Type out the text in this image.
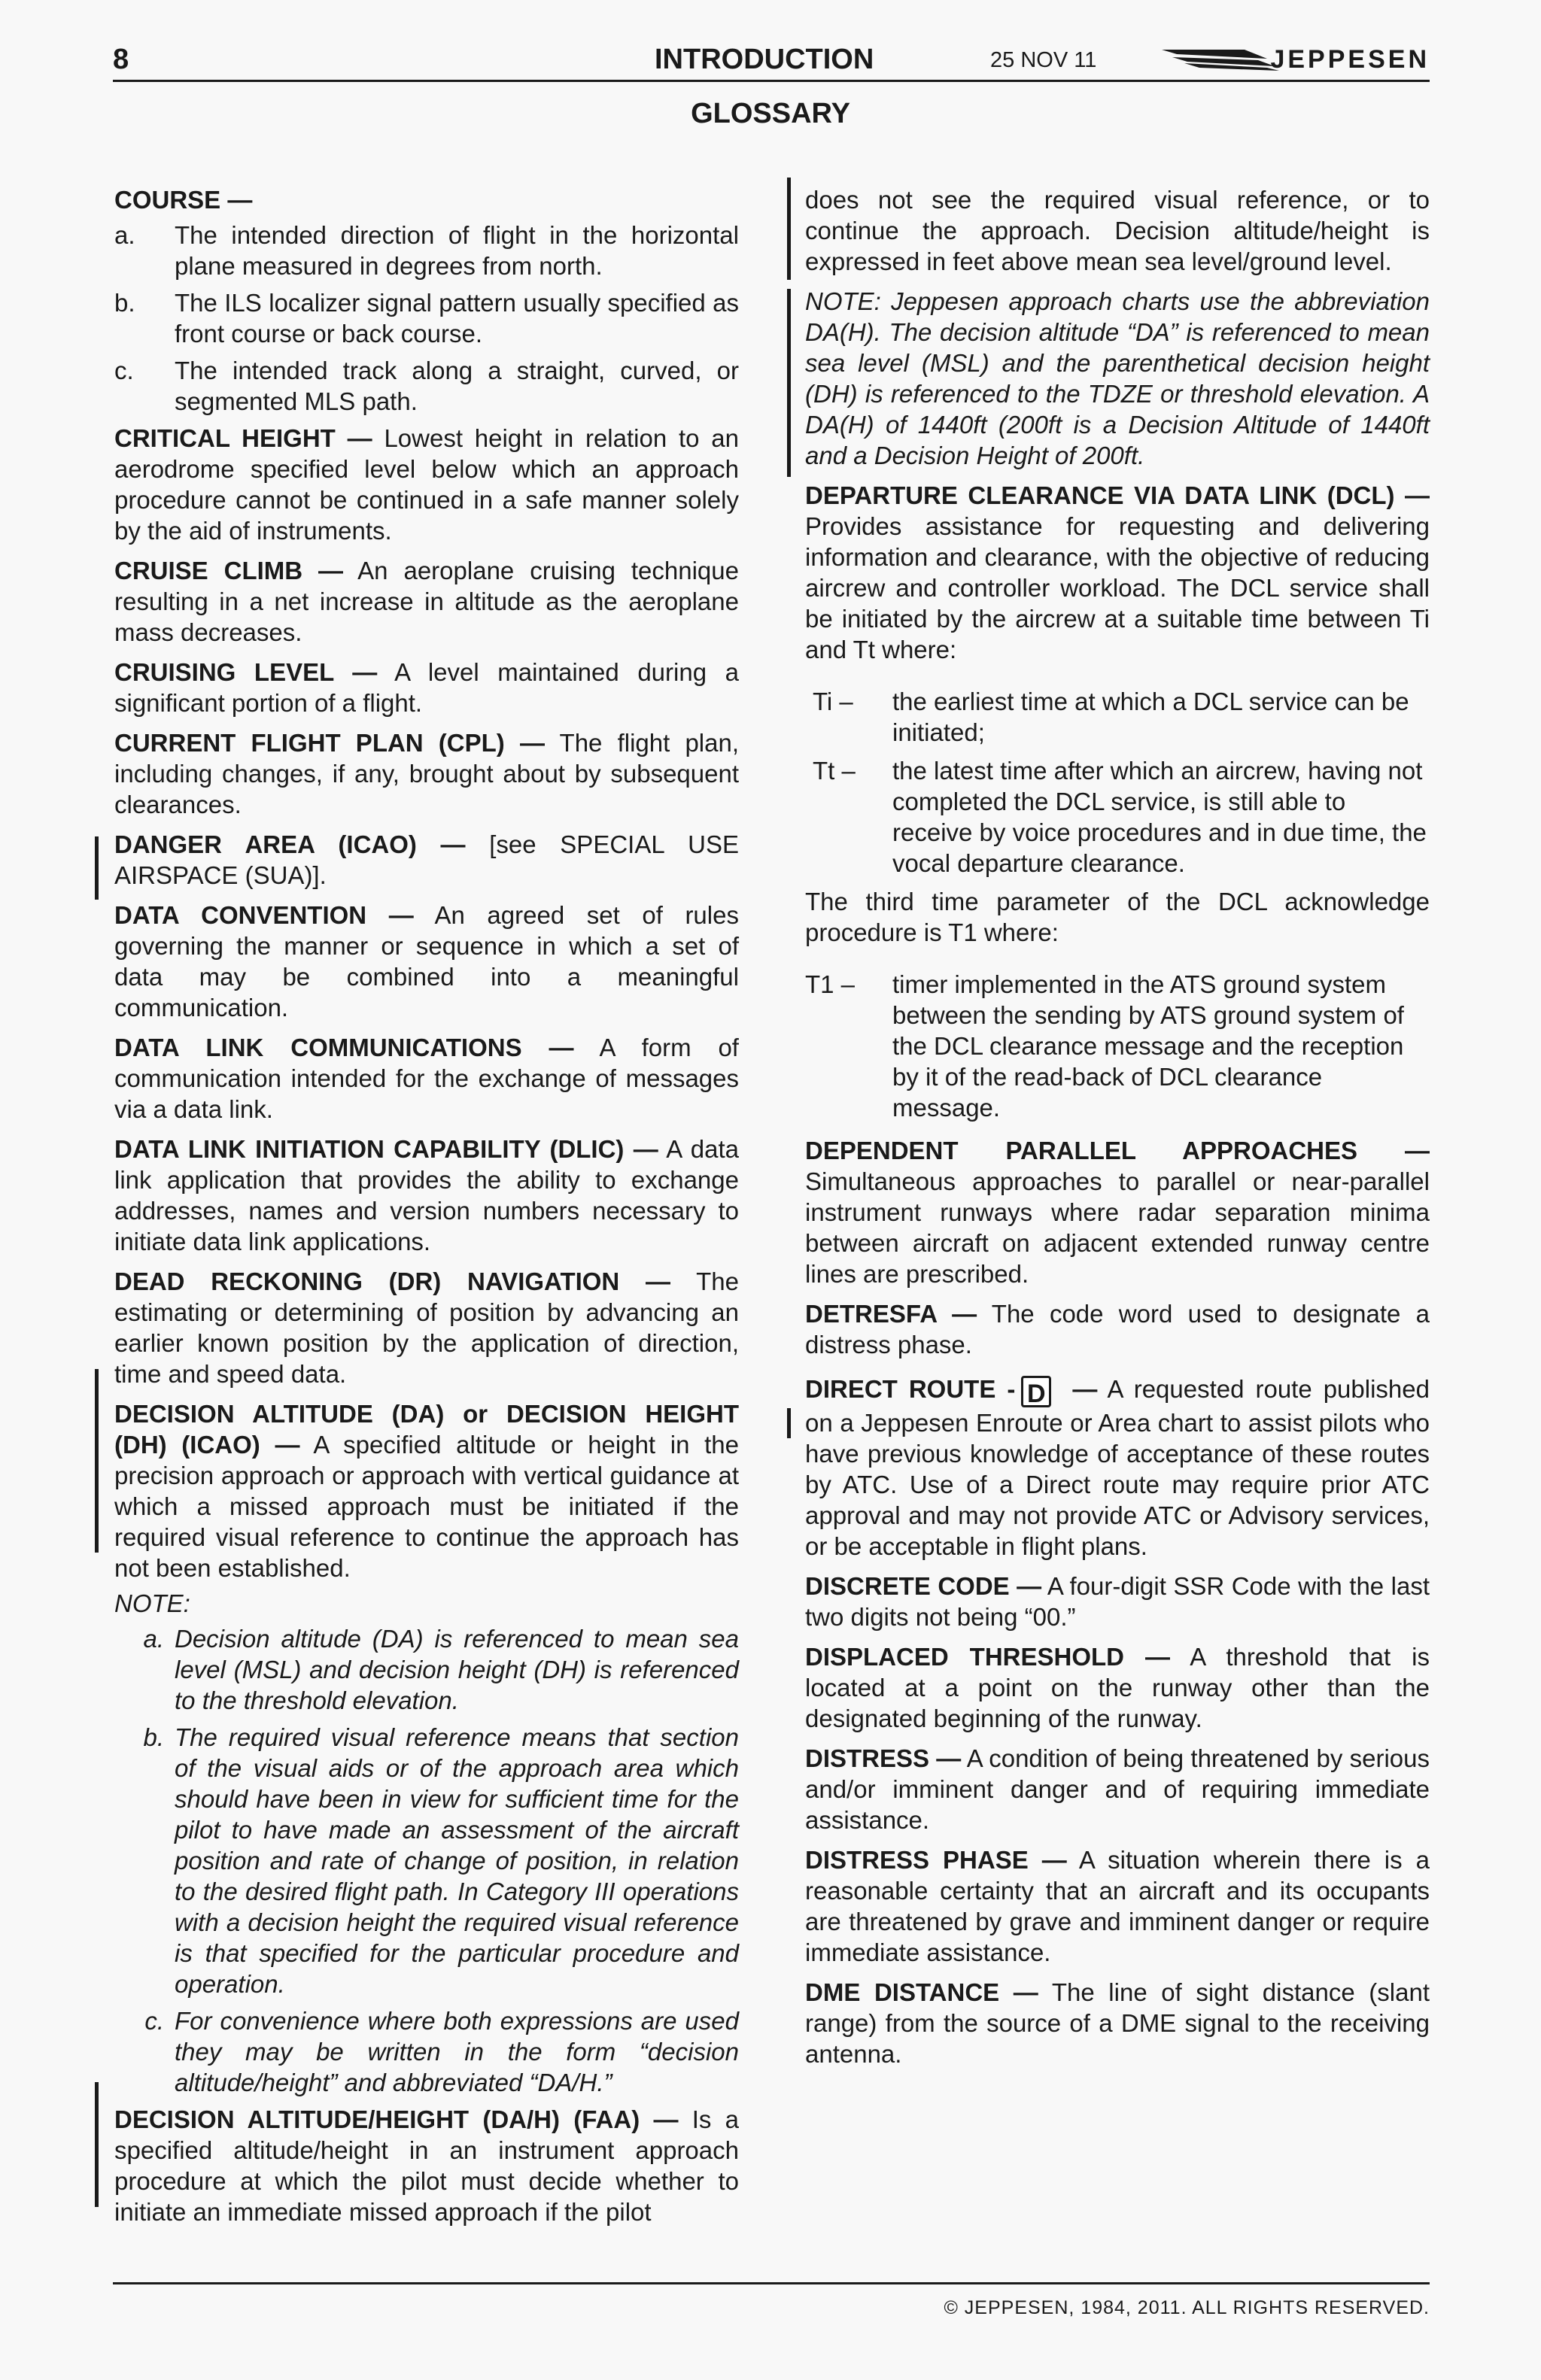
8	INTRODUCTION	25 NOV 11	JEPPESEN
GLOSSARY

COURSE —

a.	The intended direction of flight in the horizontal plane measured in degrees from north.
b.	The ILS localizer signal pattern usually specified as front course or back course.
c.	The intended track along a straight, curved, or segmented MLS path.

CRITICAL HEIGHT — Lowest height in relation to an aerodrome specified level below which an approach procedure cannot be continued in a safe manner solely by the aid of instruments.

CRUISE CLIMB — An aeroplane cruising technique resulting in a net increase in altitude as the aeroplane mass decreases.

CRUISING LEVEL — A level maintained during a significant portion of a flight.

CURRENT FLIGHT PLAN (CPL) — The flight plan, including changes, if any, brought about by subsequent clearances.

DANGER AREA (ICAO) — [see SPECIAL USE AIRSPACE (SUA)].

DATA CONVENTION — An agreed set of rules governing the manner or sequence in which a set of data may be combined into a meaningful communication.

DATA LINK COMMUNICATIONS — A form of communication intended for the exchange of messages via a data link.

DATA LINK INITIATION CAPABILITY (DLIC) — A data link application that provides the ability to exchange addresses, names and version numbers necessary to initiate data link applications.

DEAD RECKONING (DR) NAVIGATION — The estimating or determining of position by advancing an earlier known position by the application of direction, time and speed data.

DECISION ALTITUDE (DA) or DECISION HEIGHT (DH) (ICAO) — A specified altitude or height in the precision approach or approach with vertical guidance at which a missed approach must be initiated if the required visual reference to continue the approach has not been established.

NOTE:

a. Decision altitude (DA) is referenced to mean sea level (MSL) and decision height (DH) is referenced to the threshold elevation.
b. The required visual reference means that section of the visual aids or of the approach area which should have been in view for sufficient time for the pilot to have made an assessment of the aircraft position and rate of change of position, in relation to the desired flight path. In Category III operations with a decision height the required visual reference is that specified for the particular procedure and operation.
c. For convenience where both expressions are used they may be written in the form “decision altitude/height” and abbreviated “DA/H.”

DECISION ALTITUDE/HEIGHT (DA/H) (FAA) — Is a specified altitude/height in an instrument approach procedure at which the pilot must decide whether to initiate an immediate missed approach if the pilot

does not see the required visual reference, or to continue the approach. Decision altitude/height is expressed in feet above mean sea level/ground level.

NOTE: Jeppesen approach charts use the abbreviation DA(H). The decision altitude “DA” is referenced to mean sea level (MSL) and the parenthetical decision height (DH) is referenced to the TDZE or threshold elevation. A DA(H) of 1440ft (200ft is a Decision Altitude of 1440ft and a Decision Height of 200ft.

DEPARTURE CLEARANCE VIA DATA LINK (DCL) — Provides assistance for requesting and delivering information and clearance, with the objective of reducing aircrew and controller workload. The DCL service shall be initiated by the aircrew at a suitable time between Ti and Tt where:

Ti –	the earliest time at which a DCL service can be initiated;
Tt –	the latest time after which an aircrew, having not completed the DCL service, is still able to receive by voice procedures and in due time, the vocal departure clearance.

The third time parameter of the DCL acknowledge procedure is T1 where:

T1 –	timer implemented in the ATS ground system between the sending by ATS ground system of the DCL clearance message and the reception by it of the read-back of DCL clearance message.

DEPENDENT PARALLEL APPROACHES — Simultaneous approaches to parallel or near-parallel instrument runways where radar separation minima between aircraft on adjacent extended runway centre lines are prescribed.

DETRESFA — The code word used to designate a distress phase.

DIRECT ROUTE - D — A requested route published on a Jeppesen Enroute or Area chart to assist pilots who have previous knowledge of acceptance of these routes by ATC. Use of a Direct route may require prior ATC approval and may not provide ATC or Advisory services, or be acceptable in flight plans.

DISCRETE CODE — A four-digit SSR Code with the last two digits not being “00.”

DISPLACED THRESHOLD — A threshold that is located at a point on the runway other than the designated beginning of the runway.

DISTRESS — A condition of being threatened by serious and/or imminent danger and of requiring immediate assistance.

DISTRESS PHASE — A situation wherein there is a reasonable certainty that an aircraft and its occupants are threatened by grave and imminent danger or require immediate assistance.

DME DISTANCE — The line of sight distance (slant range) from the source of a DME signal to the receiving antenna.

© JEPPESEN, 1984, 2011. ALL RIGHTS RESERVED.
